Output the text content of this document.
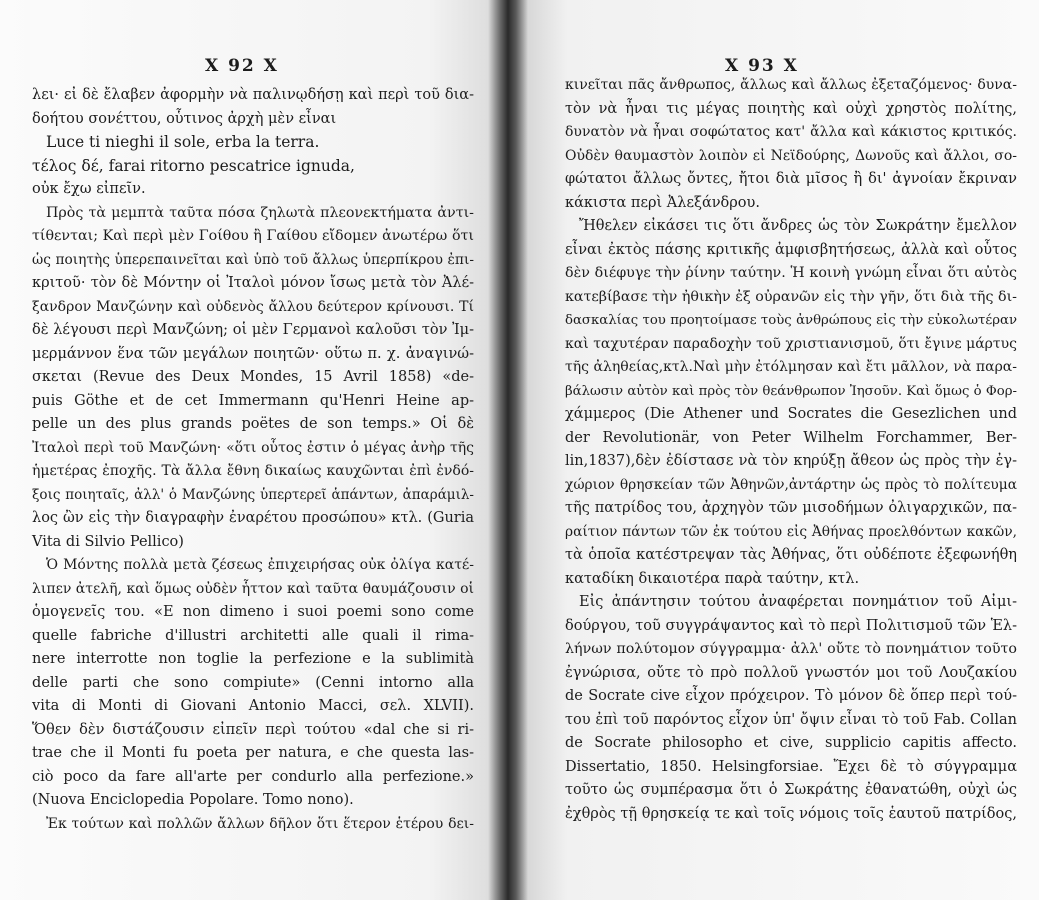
Χ 92 Χ
λει· εἰ δὲ ἔλαβεν ἀφορμὴν νὰ παλινῳδήσῃ καὶ περὶ τοῦ δια-
δοήτου σονέττου, οὗτινος ἀρχὴ μὲν εἶναι
Luce ti nieghi il sole, erba la terra.
τέλος δέ, farai ritorno pescatrice ignuda,
οὐκ ἔχω εἰπεῖν.
Πρὸς τὰ μεμπτὰ ταῦτα πόσα ζηλωτὰ πλεονεκτήματα ἀντι-
τίθενται; Καὶ περὶ μὲν Γοίθου ἢ Γαίθου εἴδομεν ἀνωτέρω ὅτι
ὡς ποιητὴς ὑπερεπαινεῖται καὶ ὑπὸ τοῦ ἄλλως ὑπερπίκρου ἐπι-
κριτοῦ· τὸν δὲ Μόντην οἱ Ἰταλοὶ μόνον ἴσως μετὰ τὸν Ἀλέ-
ξανδρον Μανζώνην καὶ οὐδενὸς ἄλλου δεύτερον κρίνουσι. Τί
δὲ λέγουσι περὶ Μανζώνη; οἱ μὲν Γερμανοὶ καλοῦσι τὸν Ἰμ-
μερμάννον ἕνα τῶν μεγάλων ποιητῶν· οὕτω π. χ. ἀναγινώ-
σκεται (Revue des Deux Mondes, 15 Avril 1858) «de-
puis Göthe et de cet Immermann qu'Henri Heine ap-
pelle un des plus grands poëtes de son temps.» Οἱ δὲ
Ἰταλοὶ περὶ τοῦ Μανζώνη· «ὅτι οὗτος ἐστιν ὁ μέγας ἀνὴρ τῆς
ἡμετέρας ἐποχῆς. Τὰ ἄλλα ἔθνη δικαίως καυχῶνται ἐπὶ ἐνδό-
ξοις ποιηταῖς, ἀλλ' ὁ Μανζώνης ὑπερτερεῖ ἁπάντων, ἀπαράμιλ-
λος ὢν εἰς τὴν διαγραφὴν ἐναρέτου προσώπου» κτλ. (Guria
Vita di Silvio Pellico)
Ὁ Μόντης πολλὰ μετὰ ζέσεως ἐπιχειρήσας οὐκ ὀλίγα κατέ-
λιπεν ἀτελῆ, καὶ ὅμως οὐδὲν ἧττον καὶ ταῦτα θαυμάζουσιν οἱ
ὁμογενεῖς του. «E non dimeno i suoi poemi sono come
quelle fabriche d'illustri architetti alle quali il rima-
nere interrotte non toglie la perfezione e la sublimità
delle parti che sono compiute» (Cenni intorno alla
vita di Monti di Giovani Antonio Macci, σελ. XLVII).
Ὅθεν δὲν διστάζουσιν εἰπεῖν περὶ τούτου «dal che si ri-
trae che il Monti fu poeta per natura, e che questa las-
ciò poco da fare all'arte per condurlo alla perfezione.»
(Nuova Enciclopedia Popolare. Tomo nono).
Ἐκ τούτων καὶ πολλῶν ἄλλων δῆλον ὅτι ἕτερον ἑτέρου δει-
Χ 93 Χ
κινεῖται πᾶς ἄνθρωπος, ἄλλως καὶ ἄλλως ἐξεταζόμενος· δυνα-
τὸν νὰ ἦναι τις μέγας ποιητὴς καὶ οὐχὶ χρηστὸς πολίτης,
δυνατὸν νὰ ἦναι σοφώτατος κατ' ἄλλα καὶ κάκιστος κριτικός.
Οὐδὲν θαυμαστὸν λοιπὸν εἰ Νεϊδούρης, Δωνοῦς καὶ ἄλλοι, σο-
φώτατοι ἄλλως ὄντες, ἤτοι διὰ μῖσος ἢ δι' ἀγνοίαν ἔκριναν
κάκιστα περὶ Ἀλεξάνδρου.
Ἤθελεν εἰκάσει τις ὅτι ἄνδρες ὡς τὸν Σωκράτην ἔμελλον
εἶναι ἐκτὸς πάσης κριτικῆς ἀμφισβητήσεως, ἀλλὰ καὶ οὗτος
δὲν διέφυγε τὴν ῥίνην ταύτην. Ἡ κοινὴ γνώμη εἶναι ὅτι αὐτὸς
κατεβίβασε τὴν ἠθικὴν ἐξ οὐρανῶν εἰς τὴν γῆν, ὅτι διὰ τῆς δι-
δασκαλίας του προητοίμασε τοὺς ἀνθρώπους εἰς τὴν εὐκολωτέραν
καὶ ταχυτέραν παραδοχὴν τοῦ χριστιανισμοῦ, ὅτι ἔγινε μάρτυς
τῆς ἀληθείας,κτλ.Ναὶ μὴν ἐτόλμησαν καὶ ἔτι μᾶλλον, νὰ παρα-
βάλωσιν αὐτὸν καὶ πρὸς τὸν θεάνθρωπον Ἰησοῦν. Καὶ ὅμως ὁ Φορ-
χάμμερος (Die Athener und Socrates die Gesezlichen und
der Revolutionär, von Peter Wilhelm Forchammer, Ber-
lin,1837),δὲν ἐδίστασε νὰ τὸν κηρύξῃ ἄθεον ὡς πρὸς τὴν ἐγ-
χώριον θρησκείαν τῶν Ἀθηνῶν,ἀντάρτην ὡς πρὸς τὸ πολίτευμα
τῆς πατρίδος του, ἀρχηγὸν τῶν μισοδήμων ὀλιγαρχικῶν, πα-
ραίτιον πάντων τῶν ἐκ τούτου εἰς Ἀθήνας προελθόντων κακῶν,
τὰ ὁποῖα κατέστρεψαν τὰς Ἀθήνας, ὅτι οὐδέποτε ἐξεφωνήθη
καταδίκη δικαιοτέρα παρὰ ταύτην, κτλ.
Εἰς ἀπάντησιν τούτου ἀναφέρεται πονημάτιον τοῦ Αἰμι-
δούργου, τοῦ συγγράψαντος καὶ τὸ περὶ Πολιτισμοῦ τῶν Ἑλ-
λήνων πολύτομον σύγγραμμα· ἀλλ' οὔτε τὸ πονημάτιον τοῦτο
ἐγνώρισα, οὔτε τὸ πρὸ πολλοῦ γνωστόν μοι τοῦ Λουζακίου
de Socrate cive εἶχον πρόχειρον. Τὸ μόνον δὲ ὅπερ περὶ τού-
του ἐπὶ τοῦ παρόντος εἶχον ὑπ' ὄψιν εἶναι τὸ τοῦ Fab. Collan
de Socrate philosopho et cive, supplicio capitis affecto.
Dissertatio, 1850. Helsingforsiae. Ἔχει δὲ τὸ σύγγραμμα
τοῦτο ὡς συμπέρασμα ὅτι ὁ Σωκράτης ἐθανατώθη, οὐχὶ ὡς
ἐχθρὸς τῇ θρησκείᾳ τε καὶ τοῖς νόμοις τοῖς ἑαυτοῦ πατρίδος,
